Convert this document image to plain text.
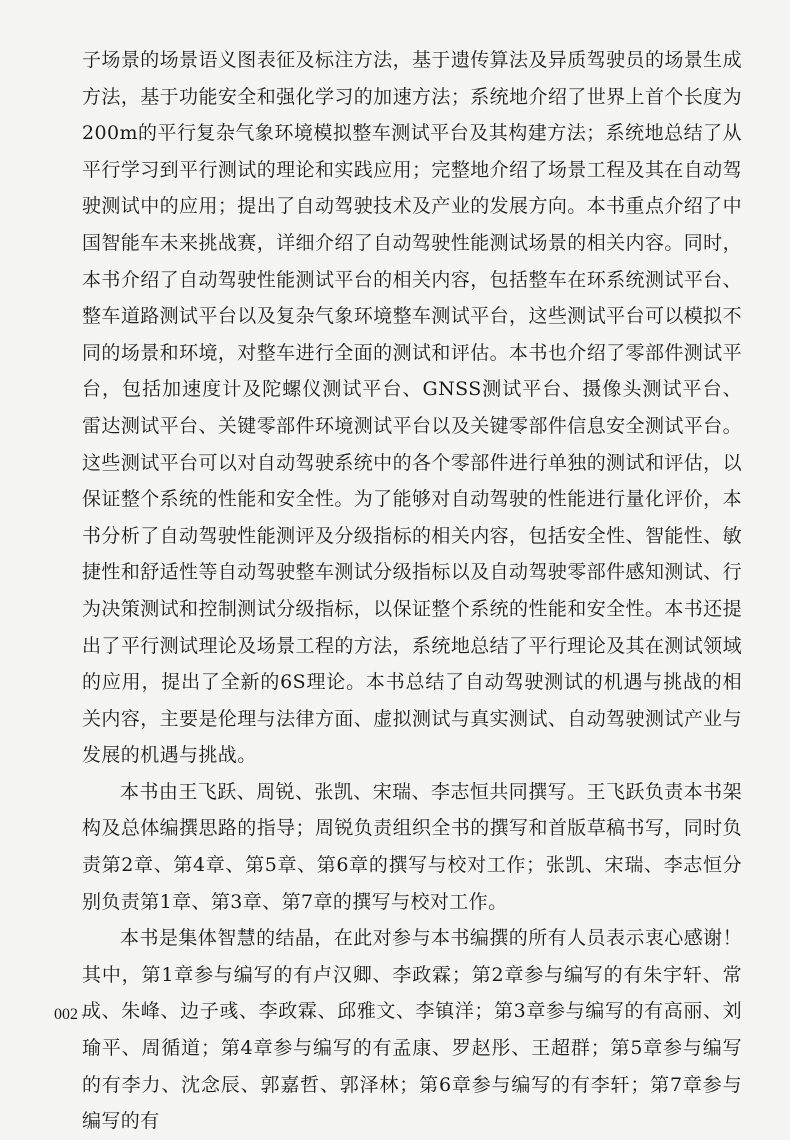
子场景的场景语义图表征及标注方法，基于遗传算法及异质驾驶员的场景生成方法，基于功能安全和强化学习的加速方法；系统地介绍了世界上首个长度为200m的平行复杂气象环境模拟整车测试平台及其构建方法；系统地总结了从平行学习到平行测试的理论和实践应用；完整地介绍了场景工程及其在自动驾驶测试中的应用；提出了自动驾驶技术及产业的发展方向。本书重点介绍了中国智能车未来挑战赛，详细介绍了自动驾驶性能测试场景的相关内容。同时，本书介绍了自动驾驶性能测试平台的相关内容，包括整车在环系统测试平台、整车道路测试平台以及复杂气象环境整车测试平台，这些测试平台可以模拟不同的场景和环境，对整车进行全面的测试和评估。本书也介绍了零部件测试平台，包括加速度计及陀螺仪测试平台、GNSS测试平台、摄像头测试平台、雷达测试平台、关键零部件环境测试平台以及关键零部件信息安全测试平台。这些测试平台可以对自动驾驶系统中的各个零部件进行单独的测试和评估，以保证整个系统的性能和安全性。为了能够对自动驾驶的性能进行量化评价，本书分析了自动驾驶性能测评及分级指标的相关内容，包括安全性、智能性、敏捷性和舒适性等自动驾驶整车测试分级指标以及自动驾驶零部件感知测试、行为决策测试和控制测试分级指标，以保证整个系统的性能和安全性。本书还提出了平行测试理论及场景工程的方法，系统地总结了平行理论及其在测试领域的应用，提出了全新的6S理论。本书总结了自动驾驶测试的机遇与挑战的相关内容，主要是伦理与法律方面、虚拟测试与真实测试、自动驾驶测试产业与发展的机遇与挑战。

本书由王飞跃、周锐、张凯、宋瑞、李志恒共同撰写。王飞跃负责本书架构及总体编撰思路的指导；周锐负责组织全书的撰写和首版草稿书写，同时负责第2章、第4章、第5章、第6章的撰写与校对工作；张凯、宋瑞、李志恒分别负责第1章、第3章、第7章的撰写与校对工作。

本书是集体智慧的结晶，在此对参与本书编撰的所有人员表示衷心感谢！其中，第1章参与编写的有卢汉卿、李政霖；第2章参与编写的有朱宇轩、常成、朱峰、边子彧、李政霖、邱雅文、李镇洋；第3章参与编写的有高丽、刘瑜平、周循道；第4章参与编写的有孟康、罗赵彤、王超群；第5章参与编写的有李力、沈念辰、郭嘉哲、郭泽林；第6章参与编写的有李轩；第7章参与编写的有

002 –
